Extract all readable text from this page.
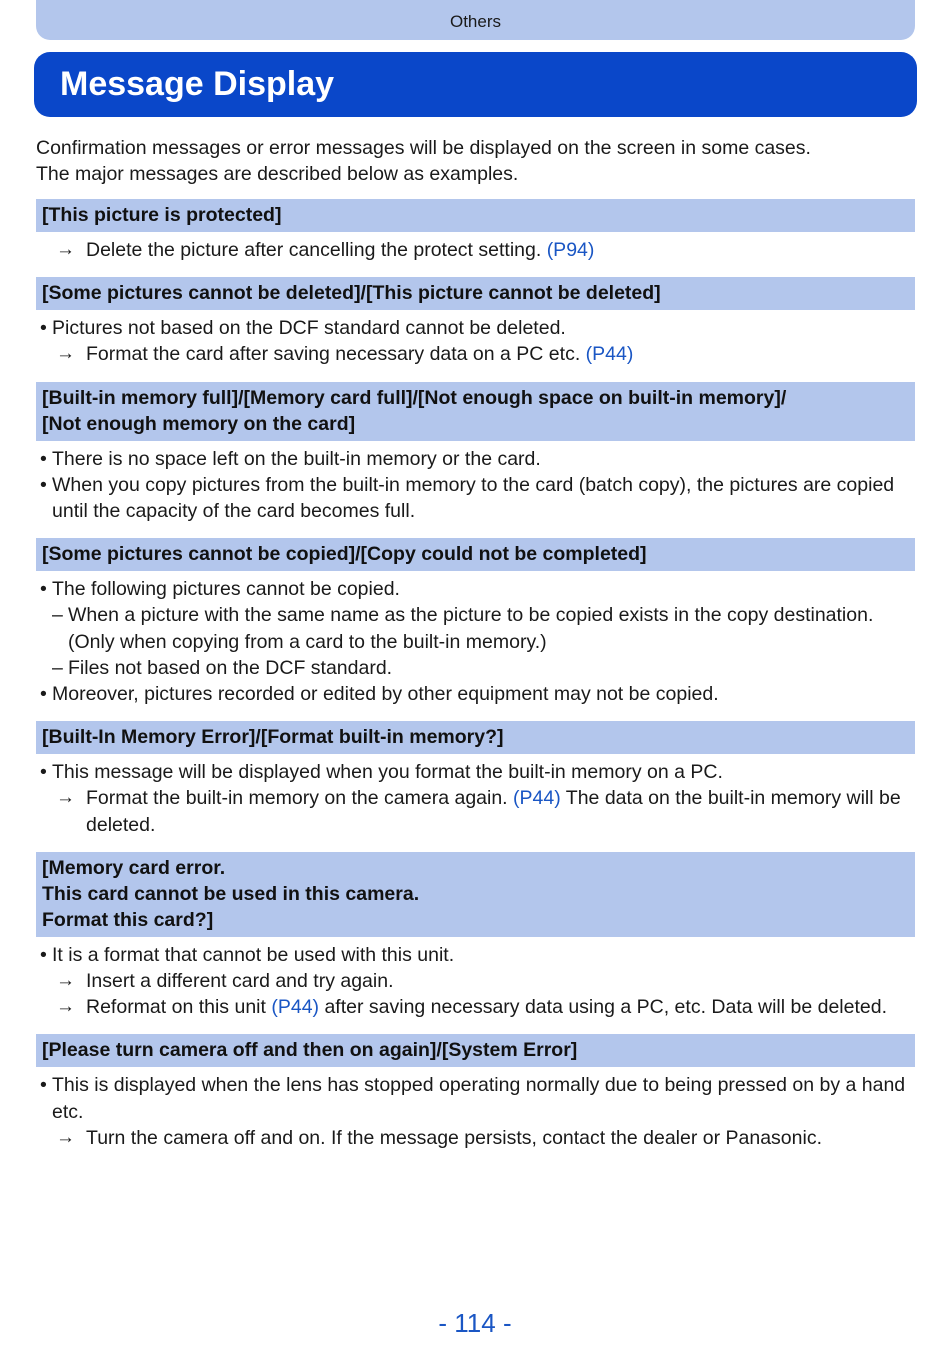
Others
Message Display

Confirmation messages or error messages will be displayed on the screen in some cases.

The major messages are described below as examples.

[This picture is protected]
→ Delete the picture after cancelling the protect setting. (P94)
[Some pictures cannot be deleted]/[This picture cannot be deleted]
• Pictures not based on the DCF standard cannot be deleted.
→ Format the card after saving necessary data on a PC etc. (P44)
[Built-in memory full]/[Memory card full]/[Not enough space on built-in memory]/
[Not enough memory on the card]
• There is no space left on the built-in memory or the card.
• When you copy pictures from the built-in memory to the card (batch copy), the pictures are copied
until the capacity of the card becomes full.
[Some pictures cannot be copied]/[Copy could not be completed]
• The following pictures cannot be copied.
– When a picture with the same name as the picture to be copied exists in the copy destination.
(Only when copying from a card to the built-in memory.)
– Files not based on the DCF standard.
• Moreover, pictures recorded or edited by other equipment may not be copied.
[Built-In Memory Error]/[Format built-in memory?]
• This message will be displayed when you format the built-in memory on a PC.
→ Format the built-in memory on the camera again. (P44) The data on the built-in memory will be
deleted.
[Memory card error.
This card cannot be used in this camera.
Format this card?]
• It is a format that cannot be used with this unit.
→ Insert a different card and try again.
→ Reformat on this unit (P44) after saving necessary data using a PC, etc. Data will be deleted.
[Please turn camera off and then on again]/[System Error]
• This is displayed when the lens has stopped operating normally due to being pressed on by a hand
etc.
→ Turn the camera off and on. If the message persists, contact the dealer or Panasonic.
- 114 -
